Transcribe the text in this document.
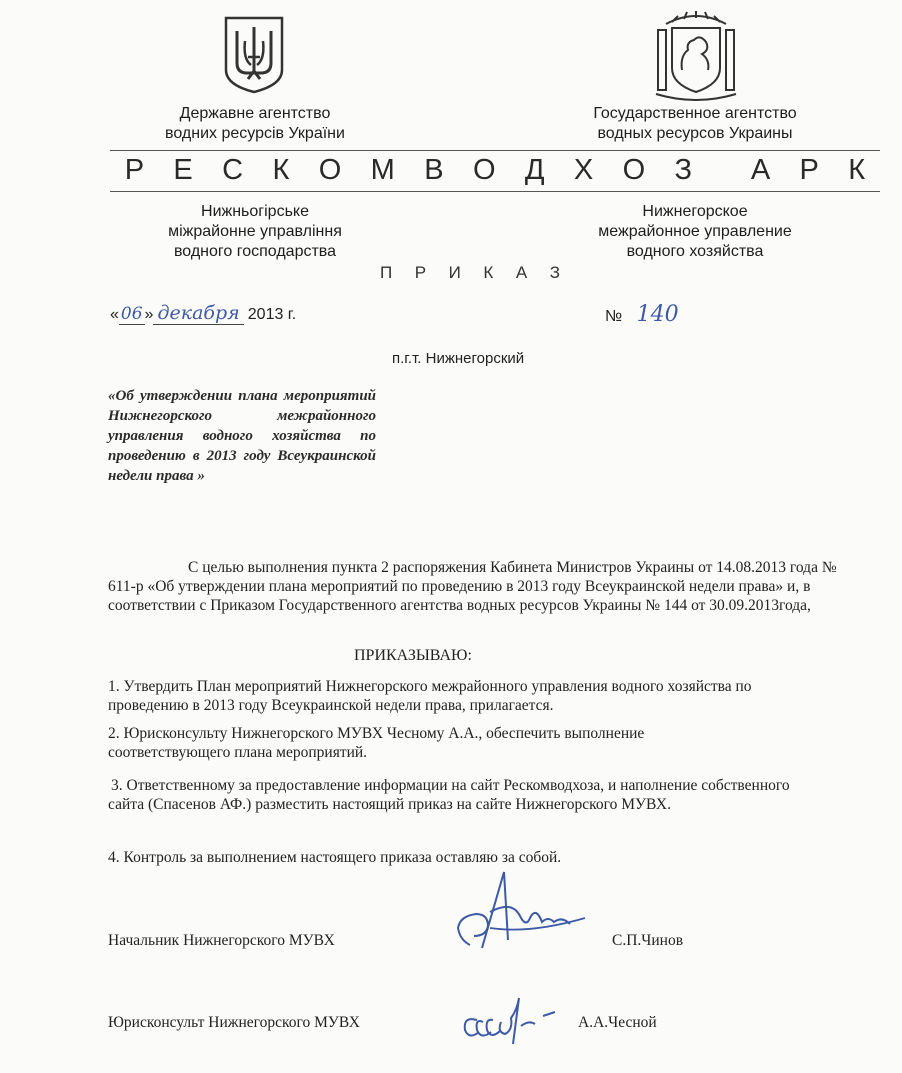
Державне агентство
водних ресурсів України
Государственное агентство
водных ресурсов Украины
Р Е С К О М В О Д Х О З А Р К
Нижньогірське
міжрайонне управління
водного господарства
Нижнегорское
межрайонное управление
водного хозяйства
П Р И К А З
« 06 » декабря 2013 г.	№ 140
п.г.т. Нижнегорский
«Об утверждении плана мероприятий Нижнегорского межрайонного управления водного хозяйства по проведению в 2013 году Всеукраинской недели права »
С целью выполнения пункта 2 распоряжения Кабинета Министров Украины от 14.08.2013 года № 611-р «Об утверждении плана мероприятий по проведению в 2013 году Всеукраинской недели права» и, в соответствии с Приказом Государственного агентства водных ресурсов Украины № 144 от 30.09.2013года,
ПРИКАЗЫВАЮ:
1. Утвердить План мероприятий Нижнегорского межрайонного управления водного хозяйства по проведению в 2013 году Всеукраинской недели права, прилагается.
2. Юрисконсульту Нижнегорского МУВХ Чесному А.А., обеспечить выполнение соответствующего плана мероприятий.
3. Ответственному за предоставление информации на сайт Рескомводхоза, и наполнение собственного сайта (Спасенов АФ.) разместить настоящий приказ на сайте Нижнегорского МУВХ.
4. Контроль за выполнением настоящего приказа оставляю за собой.
Начальник Нижнегорского МУВХ	С.П.Чинов
Юрисконсульт Нижнегорского МУВХ	А.А.Чесной
